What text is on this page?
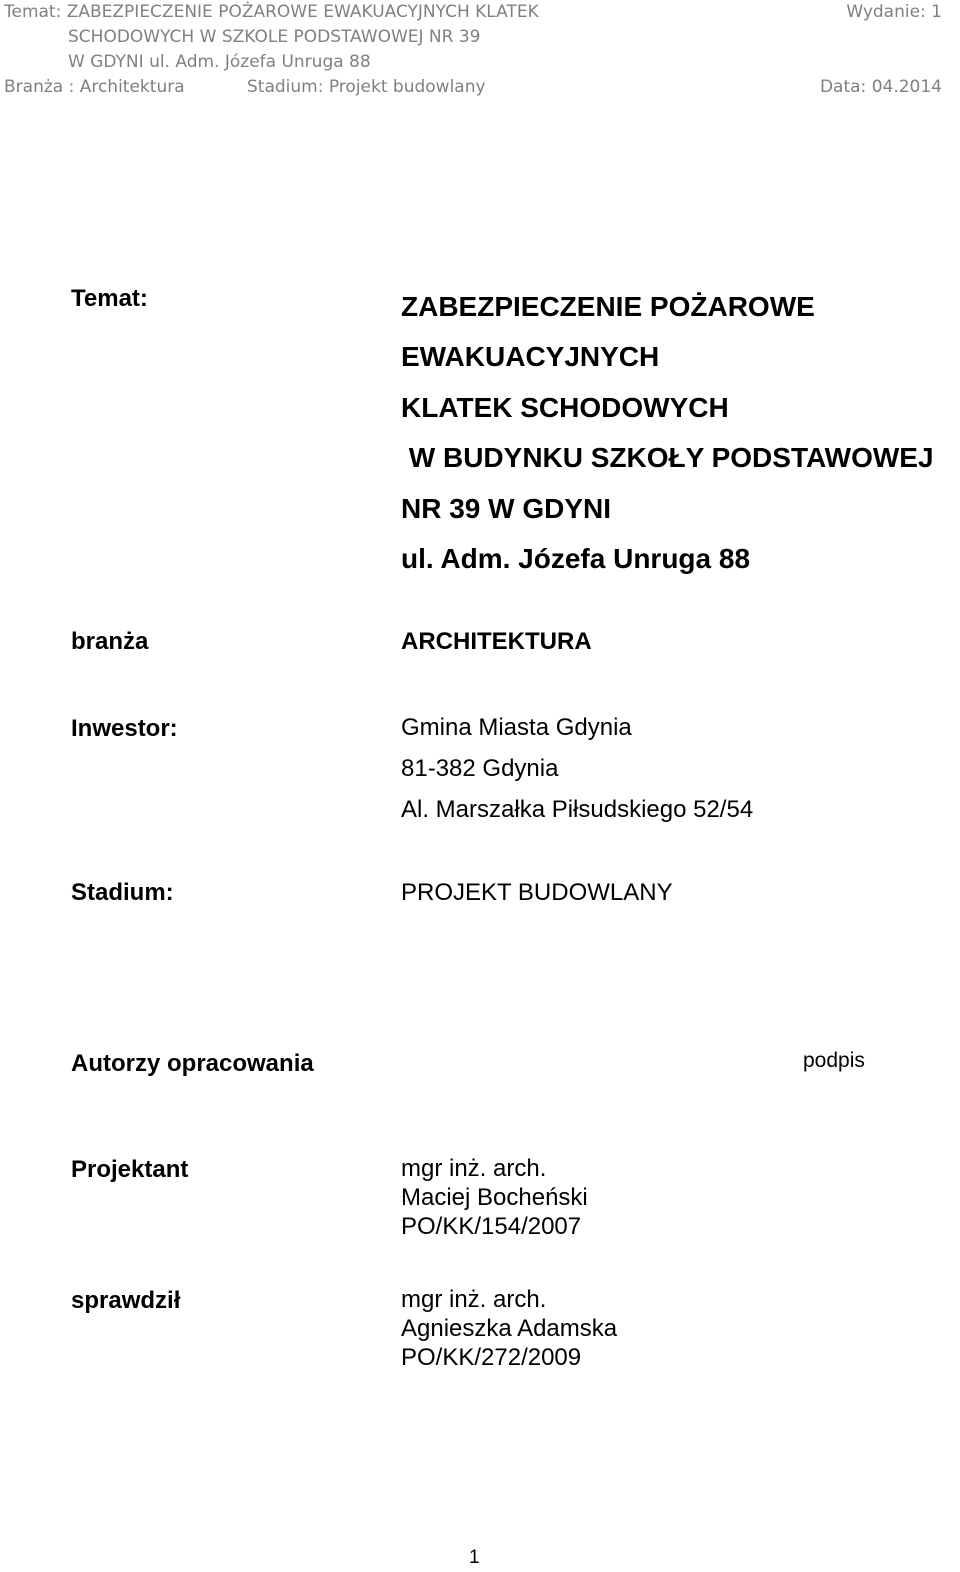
Temat: ZABEZPIECZENIE POŻAROWE EWAKUACYJNYCH KLATEK	Wydanie: 1
SCHODOWYCH W SZKOLE PODSTAWOWEJ NR 39
W GDYNI ul. Adm. Józefa Unruga 88
Branża : Architektura	Stadium: Projekt budowlany	Data: 04.2014
Temat:	ZABEZPIECZENIE POŻAROWE
EWAKUACYJNYCH
KLATEK SCHODOWYCH
W BUDYNKU SZKOŁY PODSTAWOWEJ
NR 39 W GDYNI
ul. Adm. Józefa Unruga 88
branża	ARCHITEKTURA
Inwestor:	Gmina Miasta Gdynia
81-382 Gdynia
Al. Marszałka Piłsudskiego 52/54
Stadium:	PROJEKT BUDOWLANY
Autorzy opracowania	podpis
Projektant	mgr inż. arch.
Maciej Bocheński
PO/KK/154/2007
sprawdził	mgr inż. arch.
Agnieszka Adamska
PO/KK/272/2009
1
